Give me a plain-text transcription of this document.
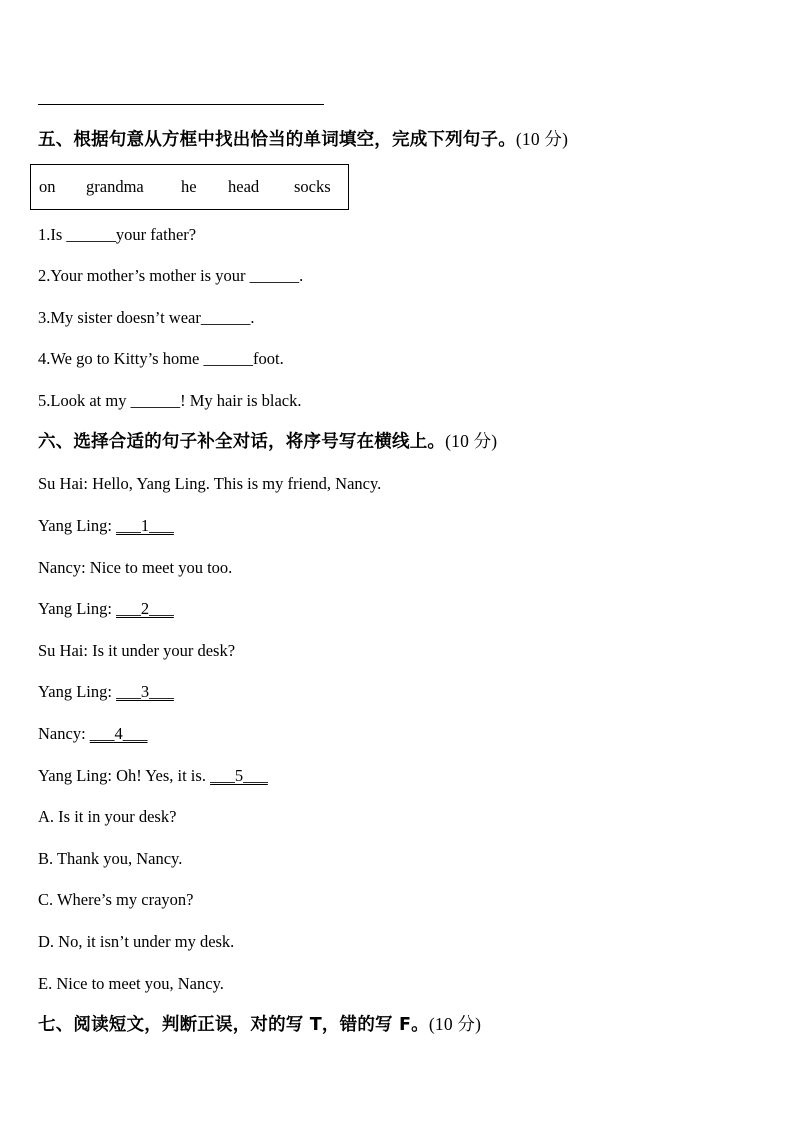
五、根据句意从方框中找出恰当的单词填空，完成下列句子。(10 分)
on grandma he head socks
1.Is ______your father?
2.Your mother’s mother is your ______.
3.My sister doesn’t wear______.
4.We go to Kitty’s home ______foot.
5.Look at my ______! My hair is black.
六、选择合适的句子补全对话，将序号写在横线上。(10 分)
Su Hai: Hello, Yang Ling. This is my friend, Nancy.
Yang Ling: ___1___
Nancy: Nice to meet you too.
Yang Ling: ___2___
Su Hai: Is it under your desk?
Yang Ling: ___3___
Nancy: ___4___
Yang Ling: Oh! Yes, it is. ___5___
A. Is it in your desk?
B. Thank you, Nancy.
C. Where’s my crayon?
D. No, it isn’t under my desk.
E. Nice to meet you, Nancy.
七、阅读短文，判断正误，对的写 T，错的写 F。(10 分)
